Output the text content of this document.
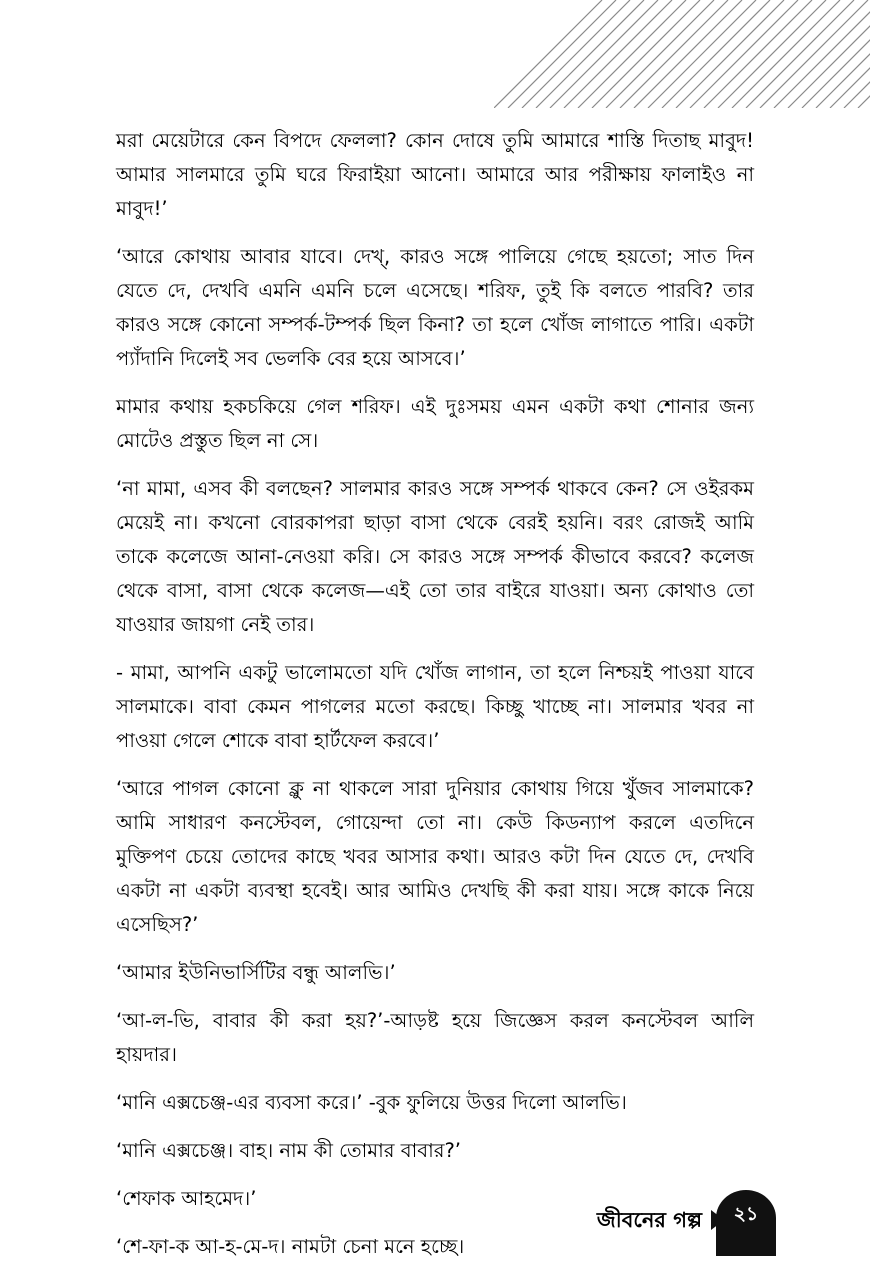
মরা মেয়েটারে কেন বিপদে ফেললা? কোন দোষে তুমি আমারে শাস্তি দিতাছ মাবুদ! আমার সালমারে তুমি ঘরে ফিরাইয়া আনো। আমারে আর পরীক্ষায় ফালাইও না মাবুদ!’

‘আরে কোথায় আবার যাবে। দেখ্‌, কারও সঙ্গে পালিয়ে গেছে হয়তো; সাত দিন যেতে দে, দেখবি এমনি এমনি চলে এসেছে। শরিফ, তুই কি বলতে পারবি? তার কারও সঙ্গে কোনো সম্পর্ক-টম্পর্ক ছিল কিনা? তা হলে খোঁজ লাগাতে পারি। একটা প্যাঁদানি দিলেই সব ভেলকি বের হয়ে আসবে।’

মামার কথায় হকচকিয়ে গেল শরিফ। এই দুঃসময় এমন একটা কথা শোনার জন্য মোটেও প্রস্তুত ছিল না সে।

‘না মামা, এসব কী বলছেন? সালমার কারও সঙ্গে সম্পর্ক থাকবে কেন? সে ওইরকম মেয়েই না। কখনো বোরকাপরা ছাড়া বাসা থেকে বেরই হয়নি। বরং রোজই আমি তাকে কলেজে আনা-নেওয়া করি। সে কারও সঙ্গে সম্পর্ক কীভাবে করবে? কলেজ থেকে বাসা, বাসা থেকে কলেজ—এই তো তার বাইরে যাওয়া। অন্য কোথাও তো যাওয়ার জায়গা নেই তার।

- মামা, আপনি একটু ভালোমতো যদি খোঁজ লাগান, তা হলে নিশ্চয়ই পাওয়া যাবে সালমাকে। বাবা কেমন পাগলের মতো করছে। কিচ্ছু খাচ্ছে না। সালমার খবর না পাওয়া গেলে শোকে বাবা হার্টফেল করবে।’

‘আরে পাগল কোনো ক্লু না থাকলে সারা দুনিয়ার কোথায় গিয়ে খুঁজব সালমাকে? আমি সাধারণ কনস্টেবল, গোয়েন্দা তো না। কেউ কিডন্যাপ করলে এতদিনে মুক্তিপণ চেয়ে তোদের কাছে খবর আসার কথা। আরও কটা দিন যেতে দে, দেখবি একটা না একটা ব্যবস্থা হবেই। আর আমিও দেখছি কী করা যায়। সঙ্গে কাকে নিয়ে এসেছিস?’

‘আমার ইউনিভার্সিটির বন্ধু আলভি।’

‘আ-ল-ভি, বাবার কী করা হয়?’-আড়ষ্ট হয়ে জিজ্ঞেস করল কনস্টেবল আলি হায়দার।

‘মানি এক্সচেঞ্জ-এর ব্যবসা করে।’ -বুক ফুলিয়ে উত্তর দিলো আলভি।

‘মানি এক্সচেঞ্জ। বাহ। নাম কী তোমার বাবার?’

‘শেফাক আহমেদ।’

‘শে-ফা-ক আ-হ-মে-দ। নামটা চেনা মনে হচ্ছে।

জীবনের গল্প	২১
